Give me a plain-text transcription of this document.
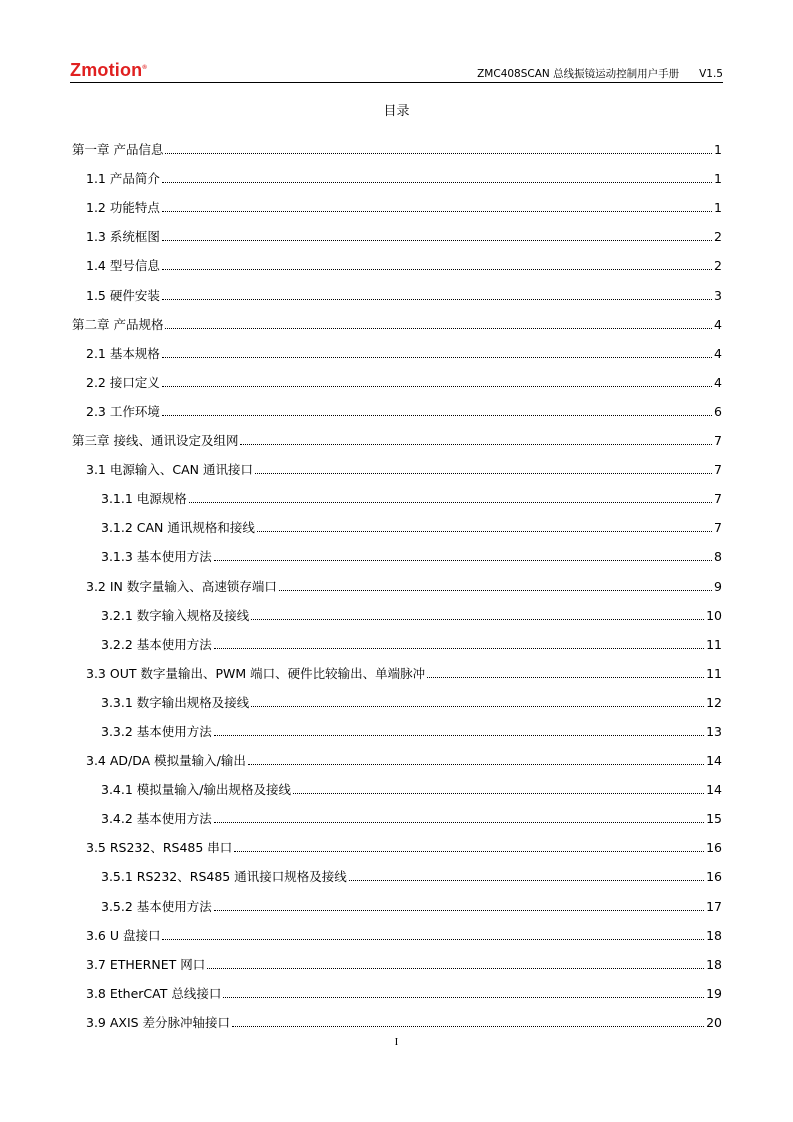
Zmotion®	ZMC408SCAN 总线振镜运动控制用户手册 V1.5
目录
第一章 产品信息	1
1.1 产品简介	1
1.2 功能特点	1
1.3 系统框图	2
1.4 型号信息	2
1.5 硬件安装	3
第二章 产品规格	4
2.1 基本规格	4
2.2 接口定义	4
2.3 工作环境	6
第三章 接线、通讯设定及组网	7
3.1 电源输入、CAN 通讯接口	7
3.1.1 电源规格	7
3.1.2 CAN 通讯规格和接线	7
3.1.3 基本使用方法	8
3.2 IN 数字量输入、高速锁存端口	9
3.2.1 数字输入规格及接线	10
3.2.2 基本使用方法	11
3.3 OUT 数字量输出、PWM 端口、硬件比较输出、单端脉冲	11
3.3.1 数字输出规格及接线	12
3.3.2 基本使用方法	13
3.4 AD/DA 模拟量输入/输出	14
3.4.1 模拟量输入/输出规格及接线	14
3.4.2 基本使用方法	15
3.5 RS232、RS485 串口	16
3.5.1 RS232、RS485 通讯接口规格及接线	16
3.5.2 基本使用方法	17
3.6 U 盘接口	18
3.7 ETHERNET 网口	18
3.8 EtherCAT 总线接口	19
3.9 AXIS 差分脉冲轴接口	20
I
